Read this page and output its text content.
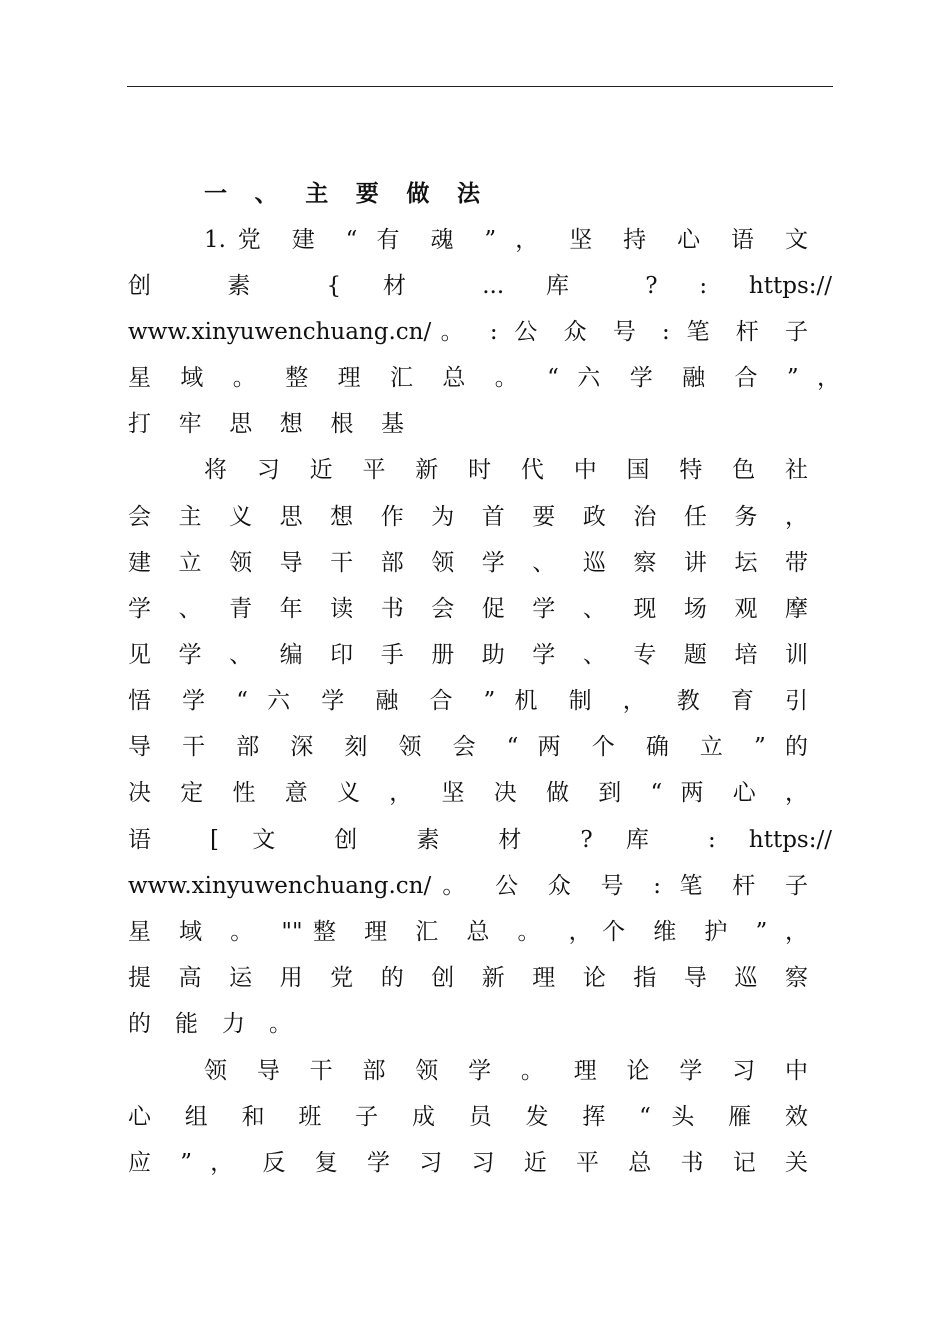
一 、 主 要 做 法
1.党 建 “ 有 魂 ” ， 坚 持 心 语 文
创 素 { 材 ... 库 ? : https://
www.xinyuwenchuang.cn/。 : 公 众 号 : 笔 杆 子
星 域 。 整 理 汇 总 。 “ 六 学 融 合 ” ，
打 牢 思 想 根 基
将 习 近 平 新 时 代 中 国 特 色 社
会 主 义 思 想 作 为 首 要 政 治 任 务 ，
建 立 领 导 干 部 领 学 、 巡 察 讲 坛 带
学 、 青 年 读 书 会 促 学 、 现 场 观 摩
见 学 、 编 印 手 册 助 学 、 专 题 培 训
悟 学 “ 六 学 融 合 ” 机 制 ， 教 育 引
导 干 部 深 刻 领 会 “ 两 个 确 立 ” 的
决 定 性 意 义 ， 坚 决 做 到 “ 两 心 ，
语 [ 文 创 素 材 ? 库 : https://
www.xinyuwenchuang.cn/。 公 众 号 : 笔 杆 子
星 域 。 ""整 理 汇 总 。 ，个 维 护 ” ，
提 高 运 用 党 的 创 新 理 论 指 导 巡 察
的 能 力 。
领 导 干 部 领 学 。 理 论 学 习 中
心 组 和 班 子 成 员 发 挥 “ 头 雁 效
应 ” ， 反 复 学 习 习 近 平 总 书 记 关
